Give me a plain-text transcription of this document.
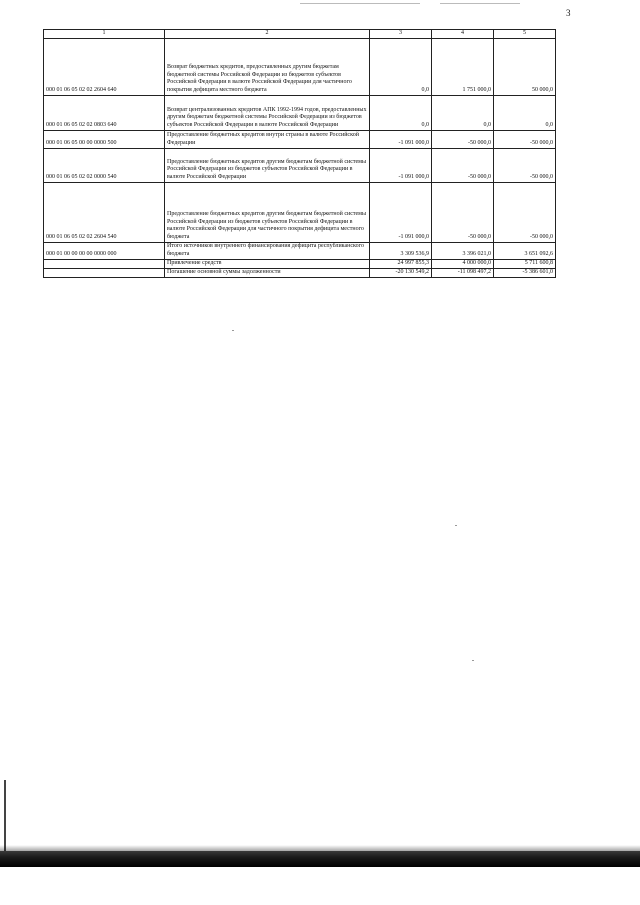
3
1	2	3	4	5
000 01 06 05 02 02 2604 640	Возврат бюджетных кредитов, предоставленных другим бюджетам бюджетной системы Российской Федерации из бюджетов субъектов Российской Федерации в валюте Российской Федерации для частичного покрытия дефицита местного бюджета	0,0	1 751 000,0	50 000,0
000 01 06 05 02 02 0803 640	Возврат централизованных кредитов АПК 1992-1994 годов, предоставленных другим бюджетам бюджетной системы Российской Федерации из бюджетов субъектов Российской Федерации в валюте Российской Федерации	0,0	0,0	0,0
000 01 06 05 00 00 0000 500	Предоставление бюджетных кредитов внутри страны в валюте Российской Федерации	-1 091 000,0	-50 000,0	-50 000,0
000 01 06 05 02 02 0000 540	Предоставление бюджетных кредитов другим бюджетам бюджетной системы Российской Федерации из бюджетов субъектов Российской Федерации в валюте Российской Федерации	-1 091 000,0	-50 000,0	-50 000,0
000 01 06 05 02 02 2604 540	Предоставление бюджетных кредитов другим бюджетам бюджетной системы Российской Федерации из бюджетов субъектов Российской Федерации в валюте Российской Федерации для частичного покрытия дефицита местного бюджета	-1 091 000,0	-50 000,0	-50 000,0
000 01 00 00 00 00 0000 000	Итого источников внутреннего финансирования дефицита республиканского бюджета	3 309 536,9	3 396 021,0	3 651 092,6
	Привлечение средств	24 997 855,3	4 000 000,0	5 711 600,8
	Погашение основной суммы задолженности	-20 130 549,2	-11 098 497,2	-5 386 601,0
